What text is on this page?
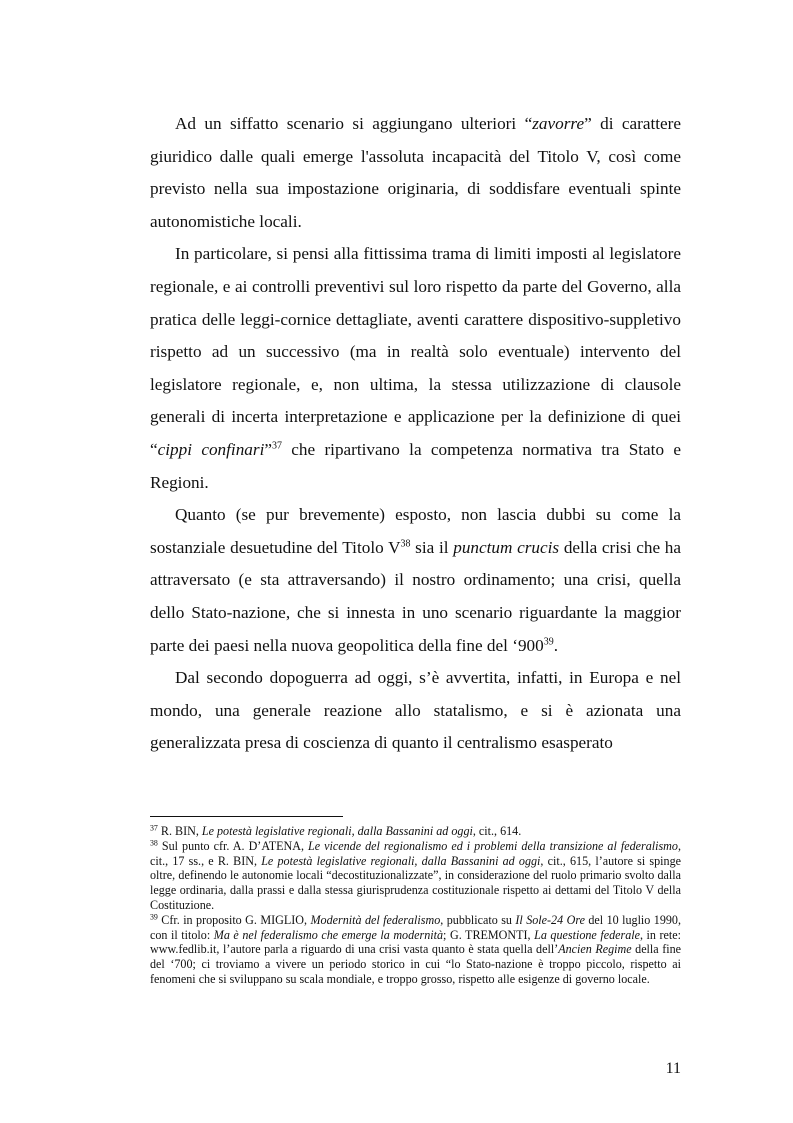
Ad un siffatto scenario si aggiungano ulteriori “zavorre” di carattere giuridico dalle quali emerge l'assoluta incapacità del Titolo V, così come previsto nella sua impostazione originaria, di soddisfare eventuali spinte autonomistiche locali.

In particolare, si pensi alla fittissima trama di limiti imposti al legislatore regionale, e ai controlli preventivi sul loro rispetto da parte del Governo, alla pratica delle leggi-cornice dettagliate, aventi carattere dispositivo-suppletivo rispetto ad un successivo (ma in realtà solo eventuale) intervento del legislatore regionale, e, non ultima, la stessa utilizzazione di clausole generali di incerta interpretazione e applicazione per la definizione di quei “cippi confinari”$^{37}$ che ripartivano la competenza normativa tra Stato e Regioni.

Quanto (se pur brevemente) esposto, non lascia dubbi su come la sostanziale desuetudine del Titolo $V^{38}$ sia il punctum crucis della crisi che ha attraversato (e sta attraversando) il nostro ordinamento; una crisi, quella dello Stato-nazione, che si innesta in uno scenario riguardante la maggior parte dei paesi nella nuova geopolitica della fine del ‘$900^{39}$.

Dal secondo dopoguerra ad oggi, s’è avvertita, infatti, in Europa e nel mondo, una generale reazione allo statalismo, e si è azionata una generalizzata presa di coscienza di quanto il centralismo esasperato

$^{37}$ R. BIN, Le potestà legislative regionali, dalla Bassanini ad oggi, cit., 614.

$^{38}$ Sul punto cfr. A. D’ATENA, Le vicende del regionalismo ed i problemi della transizione al federalismo, cit., 17 ss., e R. BIN, Le potestà legislative regionali, dalla Bassanini ad oggi, cit., 615, l’autore si spinge oltre, definendo le autonomie locali “decostituzionalizzate”, in considerazione del ruolo primario svolto dalla legge ordinaria, dalla prassi e dalla stessa giurisprudenza costituzionale rispetto ai dettami del Titolo V della Costituzione.

$^{39}$ Cfr. in proposito G. MIGLIO, Modernità del federalismo, pubblicato su Il Sole-24 Ore del 10 luglio 1990, con il titolo: Ma è nel federalismo che emerge la modernità; G. TREMONTI, La questione federale, in rete: www.fedlib.it, l’autore parla a riguardo di una crisi vasta quanto è stata quella dell’Ancien Regime della fine del ‘700; ci troviamo a vivere un periodo storico in cui “lo Stato-nazione è troppo piccolo, rispetto ai fenomeni che si sviluppano su scala mondiale, e troppo grosso, rispetto alle esigenze di governo locale.

11
